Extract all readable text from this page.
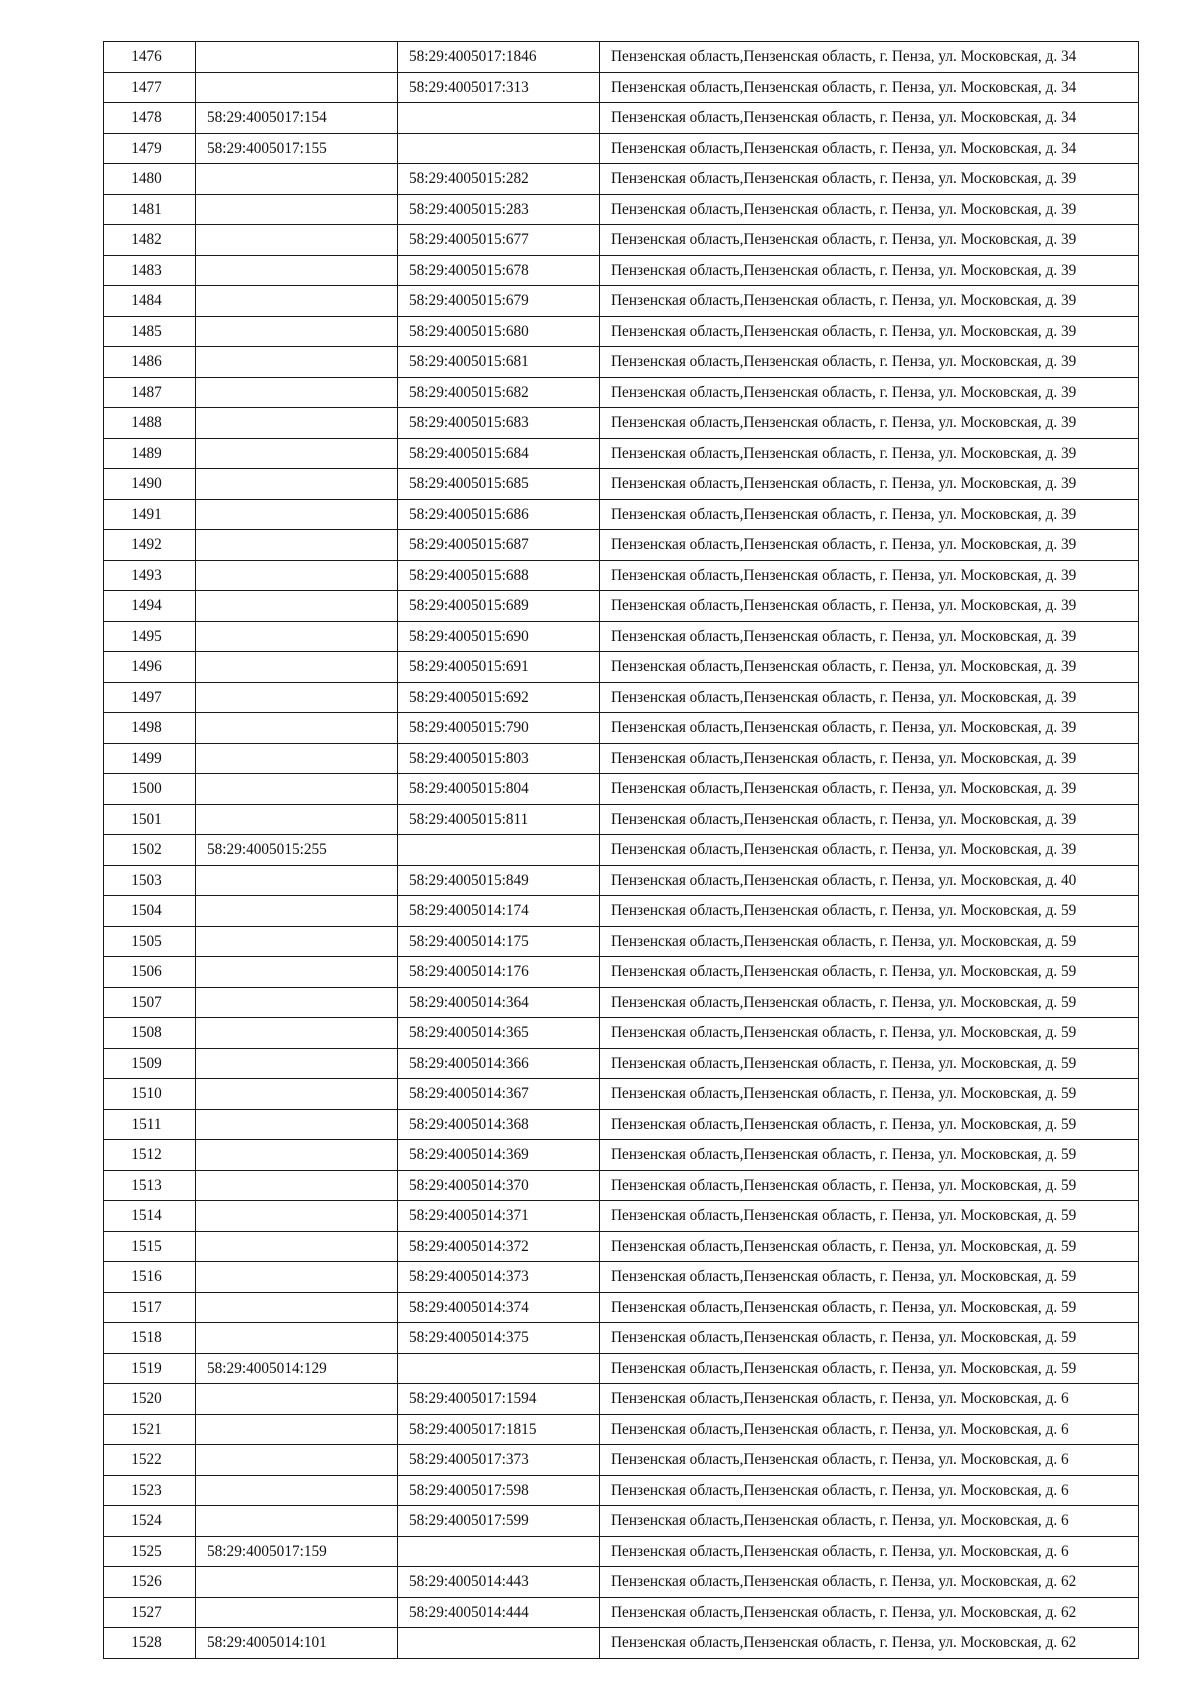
1476		58:29:4005017:1846	Пензенская область,Пензенская область, г. Пенза, ул. Московская, д. 34
1477		58:29:4005017:313	Пензенская область,Пензенская область, г. Пенза, ул. Московская, д. 34
1478	58:29:4005017:154		Пензенская область,Пензенская область, г. Пенза, ул. Московская, д. 34
1479	58:29:4005017:155		Пензенская область,Пензенская область, г. Пенза, ул. Московская, д. 34
1480		58:29:4005015:282	Пензенская область,Пензенская область, г. Пенза, ул. Московская, д. 39
1481		58:29:4005015:283	Пензенская область,Пензенская область, г. Пенза, ул. Московская, д. 39
1482		58:29:4005015:677	Пензенская область,Пензенская область, г. Пенза, ул. Московская, д. 39
1483		58:29:4005015:678	Пензенская область,Пензенская область, г. Пенза, ул. Московская, д. 39
1484		58:29:4005015:679	Пензенская область,Пензенская область, г. Пенза, ул. Московская, д. 39
1485		58:29:4005015:680	Пензенская область,Пензенская область, г. Пенза, ул. Московская, д. 39
1486		58:29:4005015:681	Пензенская область,Пензенская область, г. Пенза, ул. Московская, д. 39
1487		58:29:4005015:682	Пензенская область,Пензенская область, г. Пенза, ул. Московская, д. 39
1488		58:29:4005015:683	Пензенская область,Пензенская область, г. Пенза, ул. Московская, д. 39
1489		58:29:4005015:684	Пензенская область,Пензенская область, г. Пенза, ул. Московская, д. 39
1490		58:29:4005015:685	Пензенская область,Пензенская область, г. Пенза, ул. Московская, д. 39
1491		58:29:4005015:686	Пензенская область,Пензенская область, г. Пенза, ул. Московская, д. 39
1492		58:29:4005015:687	Пензенская область,Пензенская область, г. Пенза, ул. Московская, д. 39
1493		58:29:4005015:688	Пензенская область,Пензенская область, г. Пенза, ул. Московская, д. 39
1494		58:29:4005015:689	Пензенская область,Пензенская область, г. Пенза, ул. Московская, д. 39
1495		58:29:4005015:690	Пензенская область,Пензенская область, г. Пенза, ул. Московская, д. 39
1496		58:29:4005015:691	Пензенская область,Пензенская область, г. Пенза, ул. Московская, д. 39
1497		58:29:4005015:692	Пензенская область,Пензенская область, г. Пенза, ул. Московская, д. 39
1498		58:29:4005015:790	Пензенская область,Пензенская область, г. Пенза, ул. Московская, д. 39
1499		58:29:4005015:803	Пензенская область,Пензенская область, г. Пенза, ул. Московская, д. 39
1500		58:29:4005015:804	Пензенская область,Пензенская область, г. Пенза, ул. Московская, д. 39
1501		58:29:4005015:811	Пензенская область,Пензенская область, г. Пенза, ул. Московская, д. 39
1502	58:29:4005015:255		Пензенская область,Пензенская область, г. Пенза, ул. Московская, д. 39
1503		58:29:4005015:849	Пензенская область,Пензенская область, г. Пенза, ул. Московская, д. 40
1504		58:29:4005014:174	Пензенская область,Пензенская область, г. Пенза, ул. Московская, д. 59
1505		58:29:4005014:175	Пензенская область,Пензенская область, г. Пенза, ул. Московская, д. 59
1506		58:29:4005014:176	Пензенская область,Пензенская область, г. Пенза, ул. Московская, д. 59
1507		58:29:4005014:364	Пензенская область,Пензенская область, г. Пенза, ул. Московская, д. 59
1508		58:29:4005014:365	Пензенская область,Пензенская область, г. Пенза, ул. Московская, д. 59
1509		58:29:4005014:366	Пензенская область,Пензенская область, г. Пенза, ул. Московская, д. 59
1510		58:29:4005014:367	Пензенская область,Пензенская область, г. Пенза, ул. Московская, д. 59
1511		58:29:4005014:368	Пензенская область,Пензенская область, г. Пенза, ул. Московская, д. 59
1512		58:29:4005014:369	Пензенская область,Пензенская область, г. Пенза, ул. Московская, д. 59
1513		58:29:4005014:370	Пензенская область,Пензенская область, г. Пенза, ул. Московская, д. 59
1514		58:29:4005014:371	Пензенская область,Пензенская область, г. Пенза, ул. Московская, д. 59
1515		58:29:4005014:372	Пензенская область,Пензенская область, г. Пенза, ул. Московская, д. 59
1516		58:29:4005014:373	Пензенская область,Пензенская область, г. Пенза, ул. Московская, д. 59
1517		58:29:4005014:374	Пензенская область,Пензенская область, г. Пенза, ул. Московская, д. 59
1518		58:29:4005014:375	Пензенская область,Пензенская область, г. Пенза, ул. Московская, д. 59
1519	58:29:4005014:129		Пензенская область,Пензенская область, г. Пенза, ул. Московская, д. 59
1520		58:29:4005017:1594	Пензенская область,Пензенская область, г. Пенза, ул. Московская, д. 6
1521		58:29:4005017:1815	Пензенская область,Пензенская область, г. Пенза, ул. Московская, д. 6
1522		58:29:4005017:373	Пензенская область,Пензенская область, г. Пенза, ул. Московская, д. 6
1523		58:29:4005017:598	Пензенская область,Пензенская область, г. Пенза, ул. Московская, д. 6
1524		58:29:4005017:599	Пензенская область,Пензенская область, г. Пенза, ул. Московская, д. 6
1525	58:29:4005017:159		Пензенская область,Пензенская область, г. Пенза, ул. Московская, д. 6
1526		58:29:4005014:443	Пензенская область,Пензенская область, г. Пенза, ул. Московская, д. 62
1527		58:29:4005014:444	Пензенская область,Пензенская область, г. Пенза, ул. Московская, д. 62
1528	58:29:4005014:101		Пензенская область,Пензенская область, г. Пенза, ул. Московская, д. 62
